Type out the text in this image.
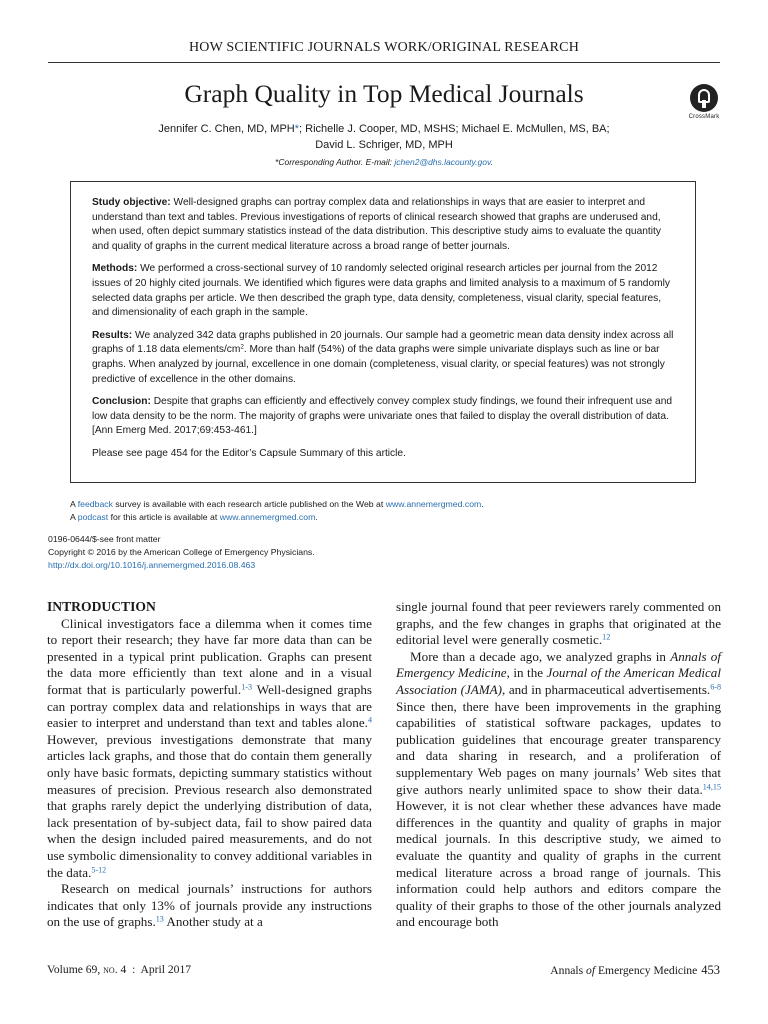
HOW SCIENTIFIC JOURNALS WORK/ORIGINAL RESEARCH
Graph Quality in Top Medical Journals
CrossMark
Jennifer C. Chen, MD, MPH*; Richelle J. Cooper, MD, MSHS; Michael E. McMullen, MS, BA;
David L. Schriger, MD, MPH
*Corresponding Author. E-mail: jchen2@dhs.lacounty.gov.

Study objective: Well-designed graphs can portray complex data and relationships in ways that are easier to interpret and understand than text and tables. Previous investigations of reports of clinical research showed that graphs are underused and, when used, often depict summary statistics instead of the data distribution. This descriptive study aims to evaluate the quantity and quality of graphs in the current medical literature across a broad range of better journals.

Methods: We performed a cross-sectional survey of 10 randomly selected original research articles per journal from the 2012 issues of 20 highly cited journals. We identified which figures were data graphs and limited analysis to a maximum of 5 randomly selected data graphs per article. We then described the graph type, data density, completeness, visual clarity, special features, and dimensionality of each graph in the sample.

Results: We analyzed 342 data graphs published in 20 journals. Our sample had a geometric mean data density index across all graphs of 1.18 data elements/$cm^2$. More than half (54%) of the data graphs were simple univariate displays such as line or bar graphs. When analyzed by journal, excellence in one domain (completeness, visual clarity, or special features) was not strongly predictive of excellence in the other domains.

Conclusion: Despite that graphs can efficiently and effectively convey complex study findings, we found their infrequent use and low data density to be the norm. The majority of graphs were univariate ones that failed to display the overall distribution of data. [Ann Emerg Med. 2017;69:453-461.]

Please see page 454 for the Editor’s Capsule Summary of this article.

A feedback survey is available with each research article published on the Web at www.annemergmed.com.
A podcast for this article is available at www.annemergmed.com.
0196-0644/$-see front matter
Copyright © 2016 by the American College of Emergency Physicians.
http://dx.doi.org/10.1016/j.annemergmed.2016.08.463

INTRODUCTION

Clinical investigators face a dilemma when it comes time to report their research; they have far more data than can be presented in a typical print publication. Graphs can present the data more efficiently than text alone and in a visual format that is particularly powerful.$^{1-3}$ Well-designed graphs can portray complex data and relationships in ways that are easier to interpret and understand than text and tables alone.$^4$ However, previous investigations demonstrate that many articles lack graphs, and those that do contain them generally only have basic formats, depicting summary statistics without measures of precision. Previous research also demonstrated that graphs rarely depict the underlying distribution of data, lack presentation of by-subject data, fail to show paired data when the design included paired measurements, and do not use symbolic dimensionality to convey additional variables in the data.$^{5-12}$

Research on medical journals’ instructions for authors indicates that only 13% of journals provide any instructions on the use of graphs.$^{13}$ Another study at a

single journal found that peer reviewers rarely commented on graphs, and the few changes in graphs that originated at the editorial level were generally cosmetic.$^{12}$

More than a decade ago, we analyzed graphs in Annals of Emergency Medicine, in the Journal of the American Medical Association (JAMA), and in pharmaceutical advertisements.$^{6-8}$ Since then, there have been improvements in the graphing capabilities of statistical software packages, updates to publication guidelines that encourage greater transparency and data sharing in research, and a proliferation of supplementary Web pages on many journals’ Web sites that give authors nearly unlimited space to show their data.$^{14,15}$ However, it is not clear whether these advances have made differences in the quantity and quality of graphs in major medical journals. In this descriptive study, we aimed to evaluate the quantity and quality of graphs in the current medical literature across a broad range of journals. This information could help authors and editors compare the quality of their graphs to those of the other journals analyzed and encourage both

Volume 69, no. 4  :  April 2017	Annals of Emergency Medicine 453
